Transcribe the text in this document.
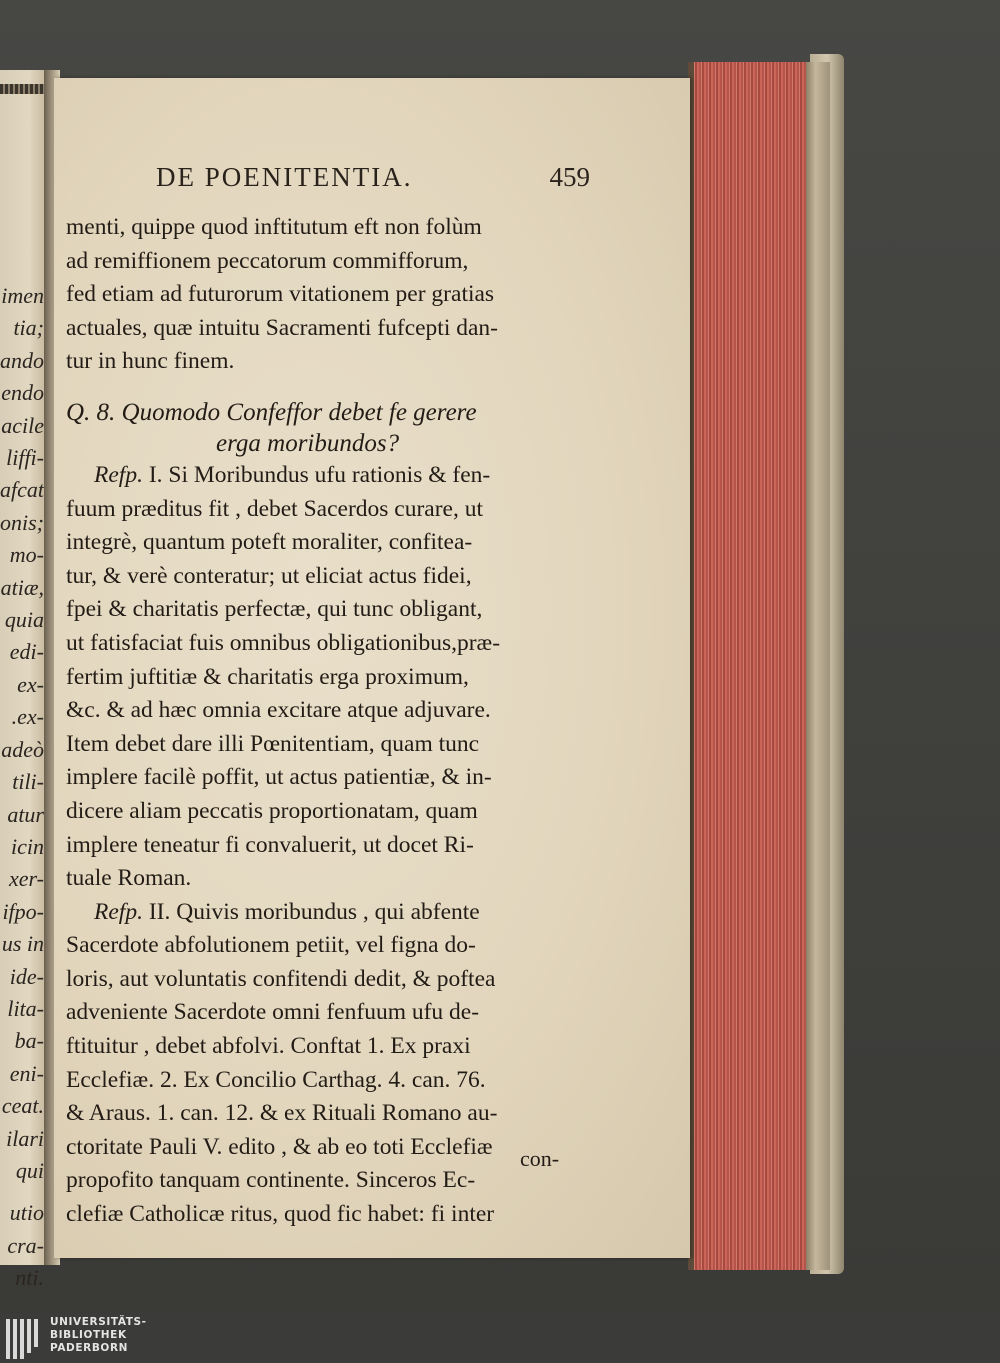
imen
tia;
ando
endo
acile
liffi-
afcat
onis;
mo-
atiæ,
quia
edi-
ex-
.ex-
adeò
tili-
atur
icin
xer-
ifpo-
us in
ide-
lita-
ba-
eni-
ceat.
ilari
qui
utio
cra-
nti.
DE POENITENTIA.	459
menti, quippe quod inftitutum eft non folùm
ad remiffionem peccatorum commifforum,
fed etiam ad futurorum vitationem per gratias
actuales, quæ intuitu Sacramenti fufcepti dan-
tur in hunc finem.
Q. 8. Quomodo Confeffor debet fe gerere
erga moribundos?
Refp. I. Si Moribundus ufu rationis & fen-
fuum præditus fit , debet Sacerdos curare, ut
integrè, quantum poteft moraliter, confitea-
tur, & verè conteratur; ut eliciat actus fidei,
fpei & charitatis perfectæ, qui tunc obligant,
ut fatisfaciat fuis omnibus obligationibus,præ-
fertim juftitiæ & charitatis erga proximum,
&c. & ad hæc omnia excitare atque adjuvare.
Item debet dare illi Pœnitentiam, quam tunc
implere facilè poffit, ut actus patientiæ, & in-
dicere aliam peccatis proportionatam, quam
implere teneatur fi convaluerit, ut docet Ri-
tuale Roman.
Refp. II. Quivis moribundus , qui abfente
Sacerdote abfolutionem petiit, vel figna do-
loris, aut voluntatis confitendi dedit, & poftea
adveniente Sacerdote omni fenfuum ufu de-
ftituitur , debet abfolvi. Conftat 1. Ex praxi
Ecclefiæ. 2. Ex Concilio Carthag. 4. can. 76.
& Araus. 1. can. 12. & ex Rituali Romano au-
ctoritate Pauli V. edito , & ab eo toti Ecclefiæ
propofito tanquam continente. Sinceros Ec-
clefiæ Catholicæ ritus, quod fic habet: fi inter
con-
UNIVERSITÄTS-
BIBLIOTHEK
PADERBORN
